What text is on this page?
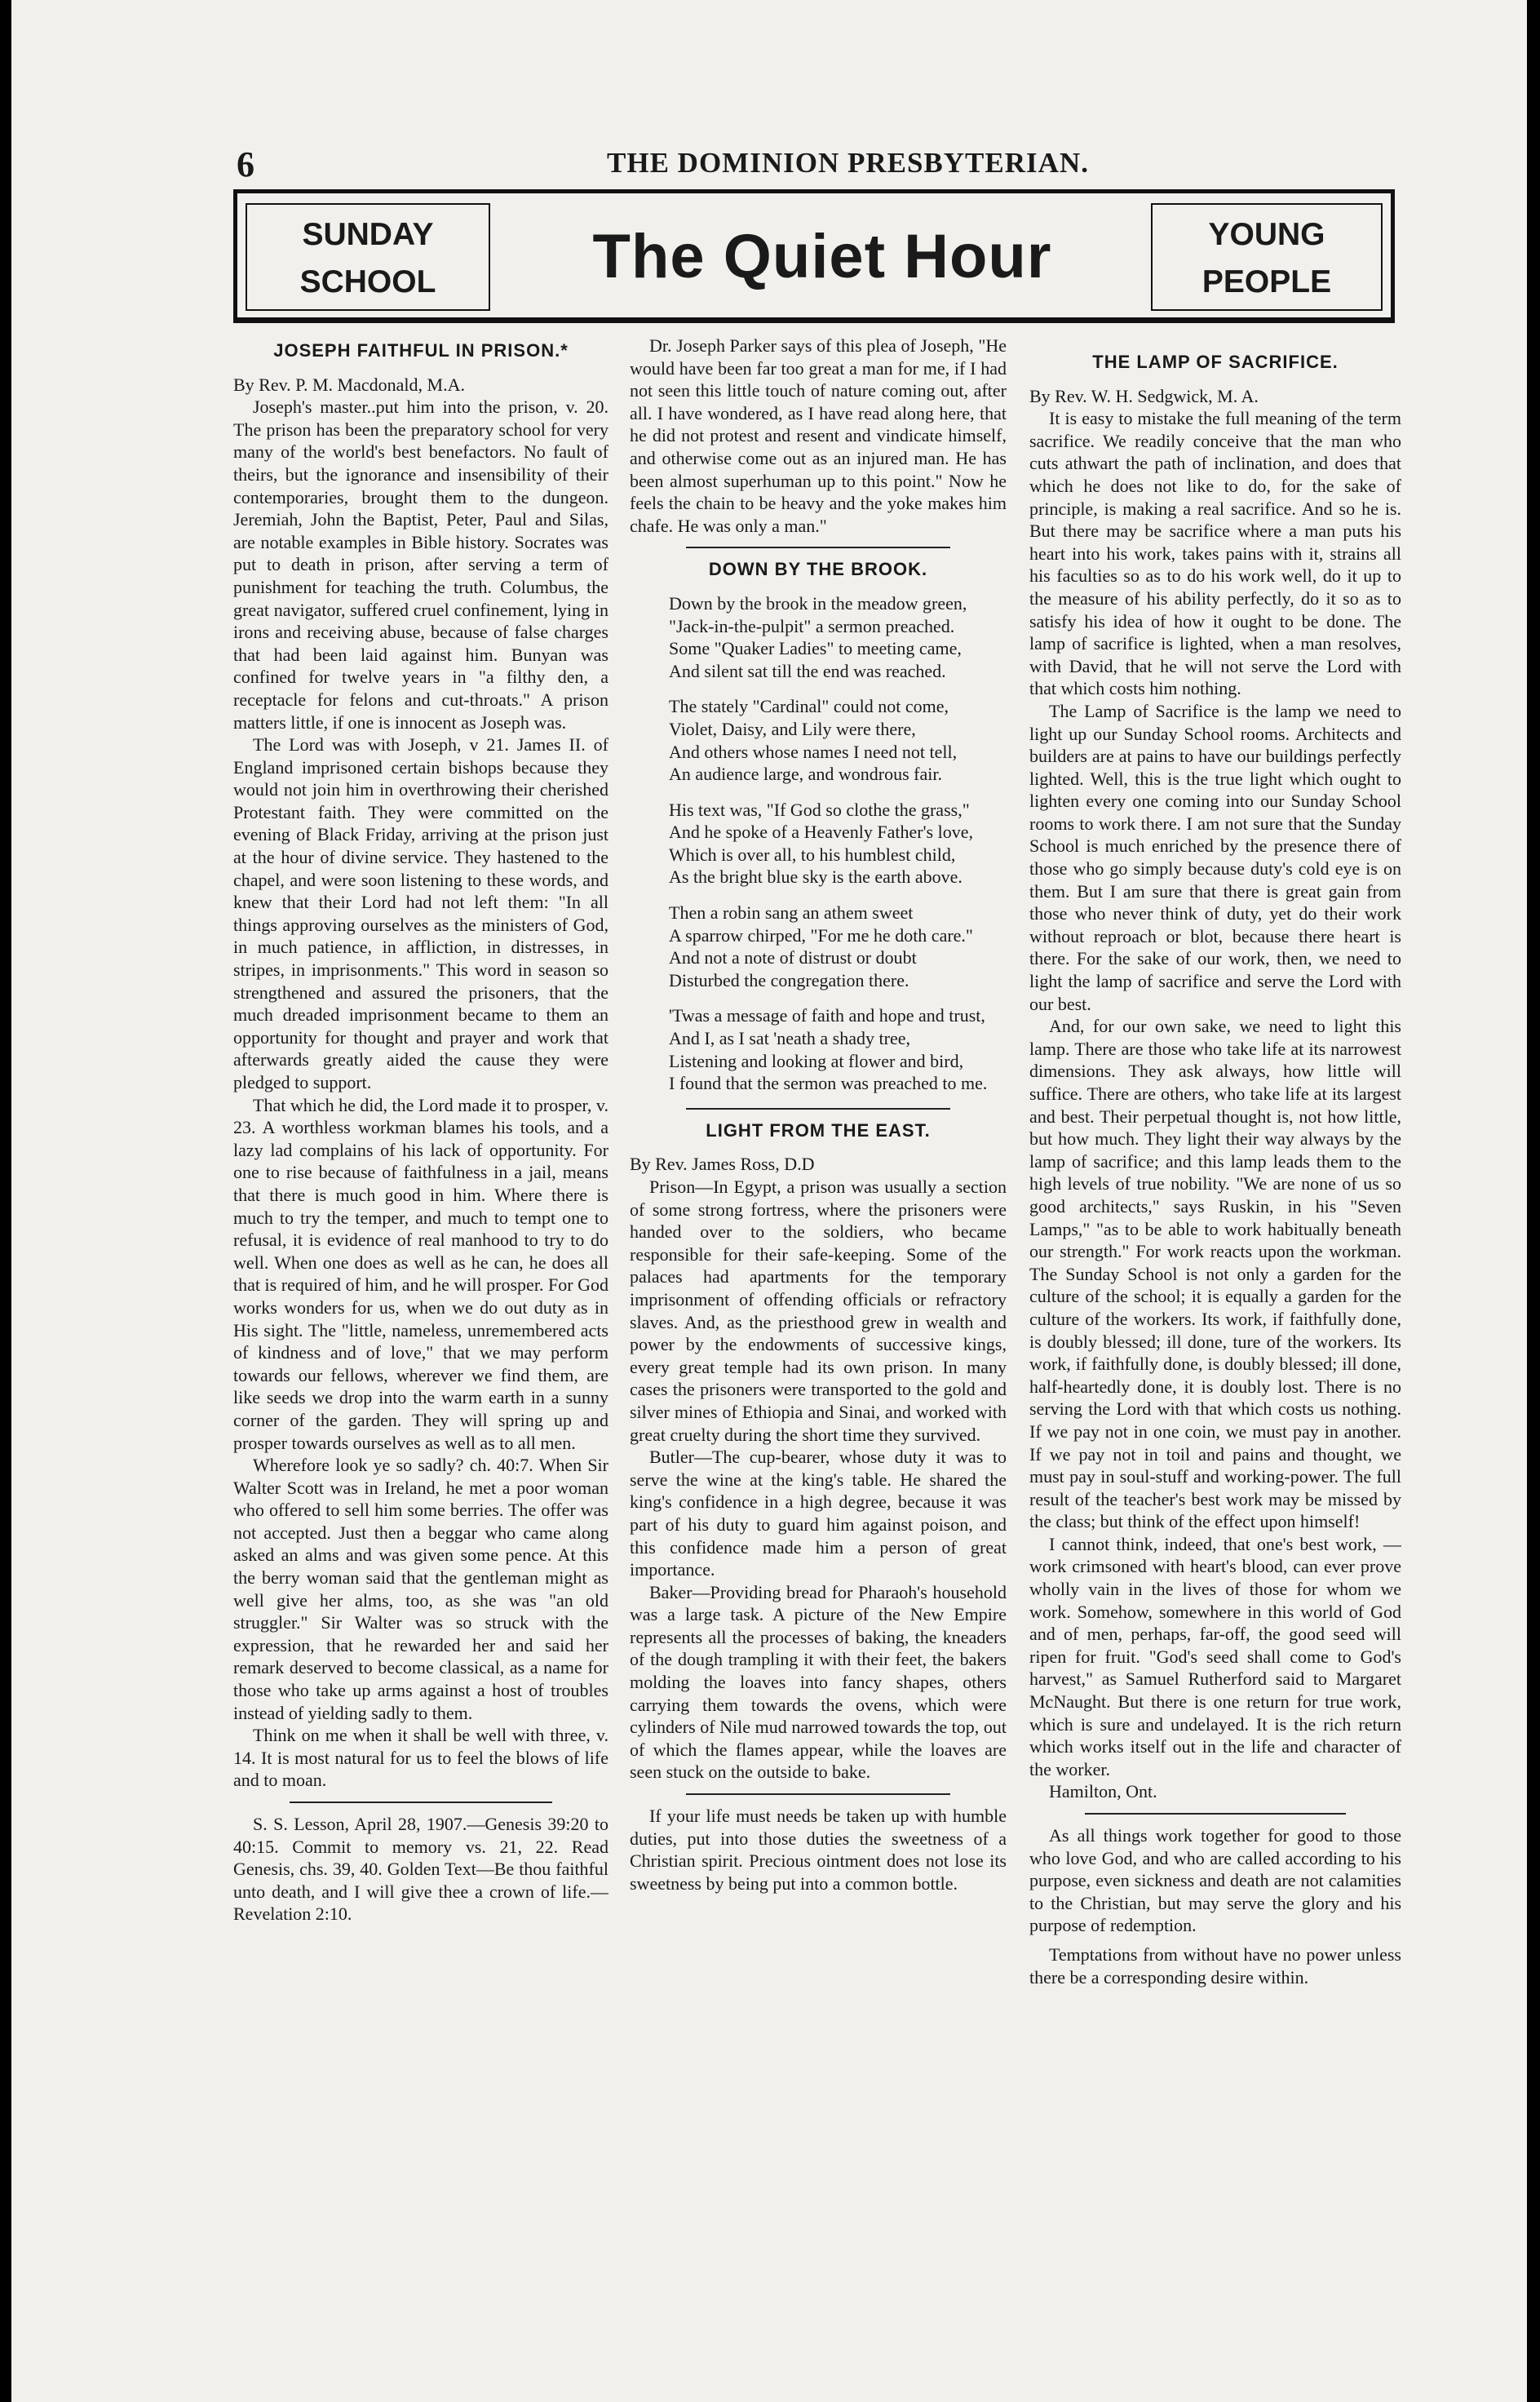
6	THE DOMINION PRESBYTERIAN.
SUNDAY
SCHOOL	The Quiet Hour	YOUNG
PEOPLE
JOSEPH FAITHFUL IN PRISON.*

By Rev. P. M. Macdonald, M.A.

Joseph's master..put him into the prison, v. 20. The prison has been the preparatory school for very many of the world's best benefactors. No fault of theirs, but the ignorance and insensibility of their contemporaries, brought them to the dungeon. Jeremiah, John the Baptist, Peter, Paul and Silas, are notable examples in Bible history. Socrates was put to death in prison, after serving a term of punishment for teaching the truth. Columbus, the great navigator, suffered cruel confinement, lying in irons and receiving abuse, because of false charges that had been laid against him. Bunyan was confined for twelve years in "a filthy den, a receptacle for felons and cut-throats." A prison matters little, if one is innocent as Joseph was.

The Lord was with Joseph, v 21. James II. of England imprisoned certain bishops because they would not join him in overthrowing their cherished Protestant faith. They were committed on the evening of Black Friday, arriving at the prison just at the hour of divine service. They hastened to the chapel, and were soon listening to these words, and knew that their Lord had not left them: "In all things approving ourselves as the ministers of God, in much patience, in affliction, in distresses, in stripes, in imprisonments." This word in season so strengthened and assured the prisoners, that the much dreaded imprisonment became to them an opportunity for thought and prayer and work that afterwards greatly aided the cause they were pledged to support.

That which he did, the Lord made it to prosper, v. 23. A worthless workman blames his tools, and a lazy lad complains of his lack of opportunity. For one to rise because of faithfulness in a jail, means that there is much good in him. Where there is much to try the temper, and much to tempt one to refusal, it is evidence of real manhood to try to do well. When one does as well as he can, he does all that is required of him, and he will prosper. For God works wonders for us, when we do out duty as in His sight. The "little, nameless, unremembered acts of kindness and of love," that we may perform towards our fellows, wherever we find them, are like seeds we drop into the warm earth in a sunny corner of the garden. They will spring up and prosper towards ourselves as well as to all men.

Wherefore look ye so sadly? ch. 40:7. When Sir Walter Scott was in Ireland, he met a poor woman who offered to sell him some berries. The offer was not accepted. Just then a beggar who came along asked an alms and was given some pence. At this the berry woman said that the gentleman might as well give her alms, too, as she was "an old struggler." Sir Walter was so struck with the expression, that he rewarded her and said her remark deserved to become classical, as a name for those who take up arms against a host of troubles instead of yielding sadly to them.

Think on me when it shall be well with three, v. 14. It is most natural for us to feel the blows of life and to moan.

S. S. Lesson, April 28, 1907.—Genesis 39:20 to 40:15. Commit to memory vs. 21, 22. Read Genesis, chs. 39, 40. Golden Text—Be thou faithful unto death, and I will give thee a crown of life.—Revelation 2:10.

Dr. Joseph Parker says of this plea of Joseph, "He would have been far too great a man for me, if I had not seen this little touch of nature coming out, after all. I have wondered, as I have read along here, that he did not protest and resent and vindicate himself, and otherwise come out as an injured man. He has been almost superhuman up to this point." Now he feels the chain to be heavy and the yoke makes him chafe. He was only a man."

DOWN BY THE BROOK.

Down by the brook in the meadow green,

"Jack-in-the-pulpit" a sermon preached.

Some "Quaker Ladies" to meeting came,

And silent sat till the end was reached.

The stately "Cardinal" could not come,

Violet, Daisy, and Lily were there,

And others whose names I need not tell,

An audience large, and wondrous fair.

His text was, "If God so clothe the grass,"

And he spoke of a Heavenly Father's love,

Which is over all, to his humblest child,

As the bright blue sky is the earth above.

Then a robin sang an athem sweet

A sparrow chirped, "For me he doth care."

And not a note of distrust or doubt

Disturbed the congregation there.

'Twas a message of faith and hope and trust,

And I, as I sat 'neath a shady tree,

Listening and looking at flower and bird,

I found that the sermon was preached to me.

LIGHT FROM THE EAST.

By Rev. James Ross, D.D

Prison—In Egypt, a prison was usually a section of some strong fortress, where the prisoners were handed over to the soldiers, who became responsible for their safe-keeping. Some of the palaces had apartments for the temporary imprisonment of offending officials or refractory slaves. And, as the priesthood grew in wealth and power by the endowments of successive kings, every great temple had its own prison. In many cases the prisoners were transported to the gold and silver mines of Ethiopia and Sinai, and worked with great cruelty during the short time they survived.

Butler—The cup-bearer, whose duty it was to serve the wine at the king's table. He shared the king's confidence in a high degree, because it was part of his duty to guard him against poison, and this confidence made him a person of great importance.

Baker—Providing bread for Pharaoh's household was a large task. A picture of the New Empire represents all the processes of baking, the kneaders of the dough trampling it with their feet, the bakers molding the loaves into fancy shapes, others carrying them towards the ovens, which were cylinders of Nile mud narrowed towards the top, out of which the flames appear, while the loaves are seen stuck on the outside to bake.

If your life must needs be taken up with humble duties, put into those duties the sweetness of a Christian spirit. Precious ointment does not lose its sweetness by being put into a common bottle.

THE LAMP OF SACRIFICE.

By Rev. W. H. Sedgwick, M. A.

It is easy to mistake the full meaning of the term sacrifice. We readily conceive that the man who cuts athwart the path of inclination, and does that which he does not like to do, for the sake of principle, is making a real sacrifice. And so he is. But there may be sacrifice where a man puts his heart into his work, takes pains with it, strains all his faculties so as to do his work well, do it up to the measure of his ability perfectly, do it so as to satisfy his idea of how it ought to be done. The lamp of sacrifice is lighted, when a man resolves, with David, that he will not serve the Lord with that which costs him nothing.

The Lamp of Sacrifice is the lamp we need to light up our Sunday School rooms. Architects and builders are at pains to have our buildings perfectly lighted. Well, this is the true light which ought to lighten every one coming into our Sunday School rooms to work there. I am not sure that the Sunday School is much enriched by the presence there of those who go simply because duty's cold eye is on them. But I am sure that there is great gain from those who never think of duty, yet do their work without reproach or blot, because there heart is there. For the sake of our work, then, we need to light the lamp of sacrifice and serve the Lord with our best.

And, for our own sake, we need to light this lamp. There are those who take life at its narrowest dimensions. They ask always, how little will suffice. There are others, who take life at its largest and best. Their perpetual thought is, not how little, but how much. They light their way always by the lamp of sacrifice; and this lamp leads them to the high levels of true nobility. "We are none of us so good architects," says Ruskin, in his "Seven Lamps," "as to be able to work habitually beneath our strength." For work reacts upon the workman. The Sunday School is not only a garden for the culture of the school; it is equally a garden for the culture of the workers. Its work, if faithfully done, is doubly blessed; ill done, ture of the workers. Its work, if faithfully done, is doubly blessed; ill done, half-heartedly done, it is doubly lost. There is no serving the Lord with that which costs us nothing. If we pay not in one coin, we must pay in another. If we pay not in toil and pains and thought, we must pay in soul-stuff and working-power. The full result of the teacher's best work may be missed by the class; but think of the effect upon himself!

I cannot think, indeed, that one's best work, — work crimsoned with heart's blood, can ever prove wholly vain in the lives of those for whom we work. Somehow, somewhere in this world of God and of men, perhaps, far-off, the good seed will ripen for fruit. "God's seed shall come to God's harvest," as Samuel Rutherford said to Margaret McNaught. But there is one return for true work, which is sure and undelayed. It is the rich return which works itself out in the life and character of the worker.

Hamilton, Ont.

As all things work together for good to those who love God, and who are called according to his purpose, even sickness and death are not calamities to the Christian, but may serve the glory and his purpose of redemption.

Temptations from without have no power unless there be a corresponding desire within.
